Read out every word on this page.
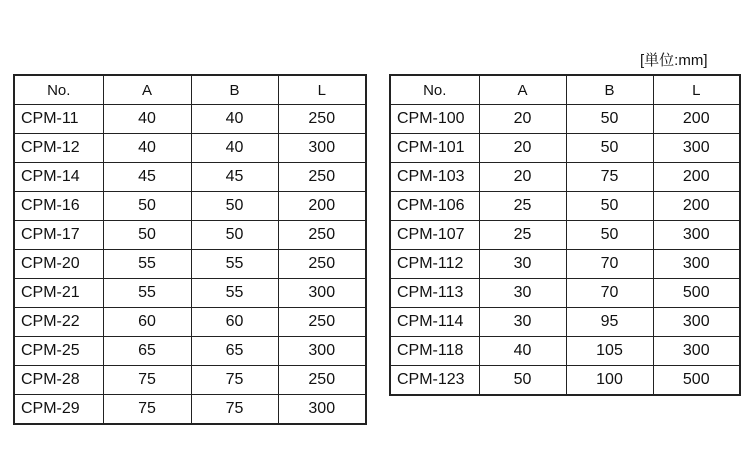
[単位:mm]
No.	A	B	L
CPM-11	40	40	250
CPM-12	40	40	300
CPM-14	45	45	250
CPM-16	50	50	200
CPM-17	50	50	250
CPM-20	55	55	250
CPM-21	55	55	300
CPM-22	60	60	250
CPM-25	65	65	300
CPM-28	75	75	250
CPM-29	75	75	300
No.	A	B	L
CPM-100	20	50	200
CPM-101	20	50	300
CPM-103	20	75	200
CPM-106	25	50	200
CPM-107	25	50	300
CPM-112	30	70	300
CPM-113	30	70	500
CPM-114	30	95	300
CPM-118	40	105	300
CPM-123	50	100	500
